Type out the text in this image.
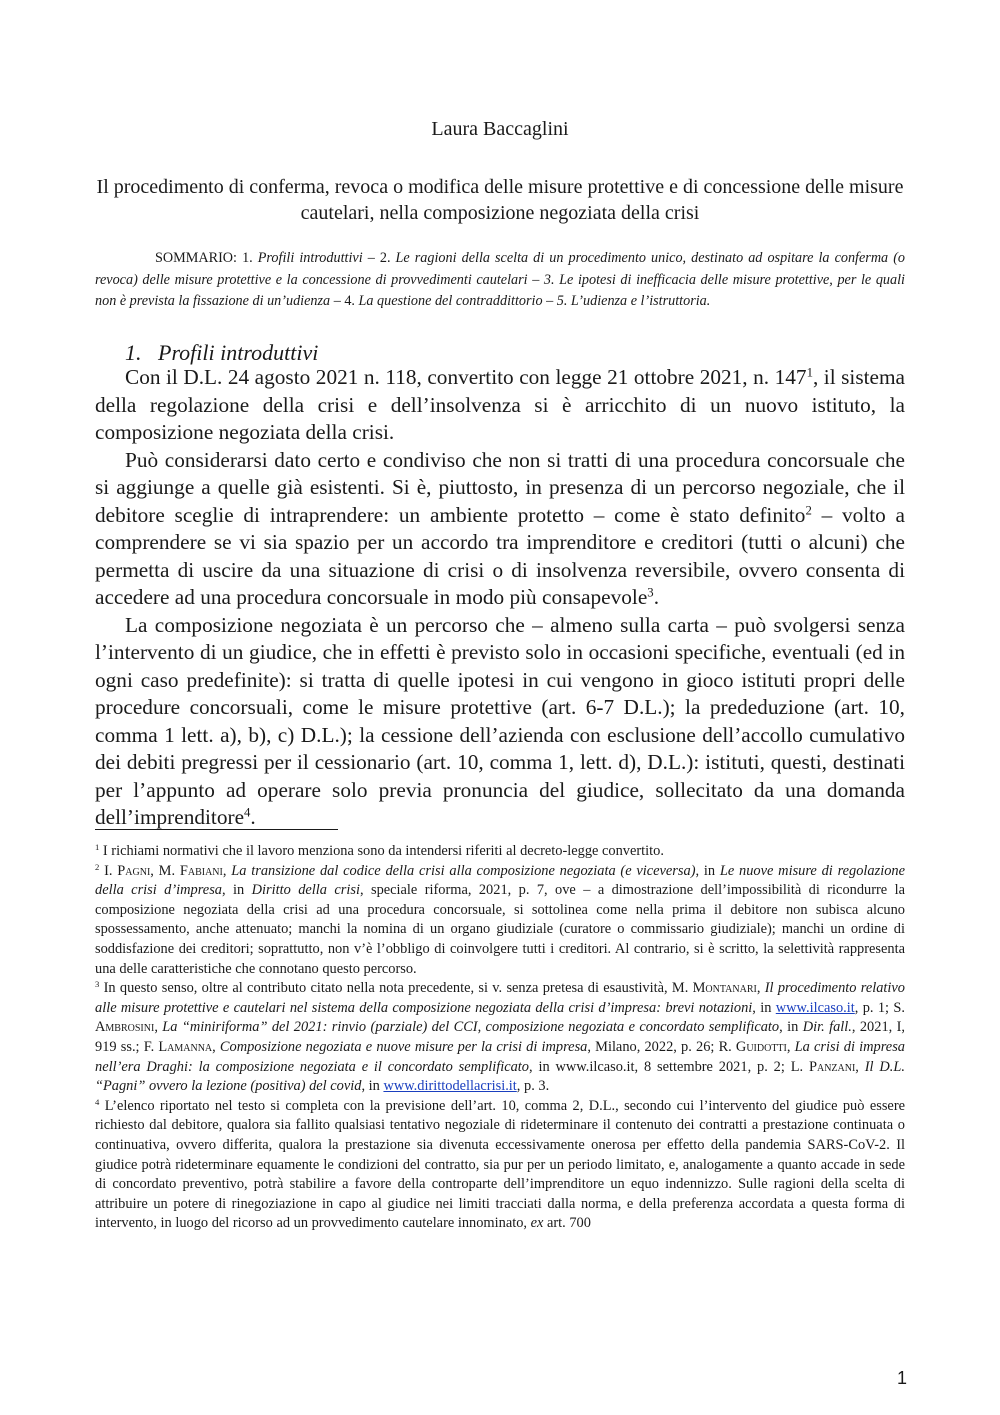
Laura Baccaglini
Il procedimento di conferma, revoca o modifica delle misure protettive e di concessione delle misure cautelari, nella composizione negoziata della crisi
SOMMARIO: 1. Profili introduttivi – 2. Le ragioni della scelta di un procedimento unico, destinato ad ospitare la conferma (o revoca) delle misure protettive e la concessione di provvedimenti cautelari – 3. Le ipotesi di inefficacia delle misure protettive, per le quali non è prevista la fissazione di un’udienza – 4. La questione del contraddittorio – 5. L’udienza e l’istruttoria.
1.   Profili introduttivi

Con il D.L. 24 agosto 2021 n. 118, convertito con legge 21 ottobre 2021, n. $147^1$, il sistema della regolazione della crisi e dell’insolvenza si è arricchito di un nuovo istituto, la composizione negoziata della crisi.

Può considerarsi dato certo e condiviso che non si tratti di una procedura concorsuale che si aggiunge a quelle già esistenti. Si è, piuttosto, in presenza di un percorso negoziale, che il debitore sceglie di intraprendere: un ambiente protetto – come è stato definito$^2$ – volto a comprendere se vi sia spazio per un accordo tra imprenditore e creditori (tutti o alcuni) che permetta di uscire da una situazione di crisi o di insolvenza reversibile, ovvero consenta di accedere ad una procedura concorsuale in modo più consapevole$^3$.

La composizione negoziata è un percorso che – almeno sulla carta – può svolgersi senza l’intervento di un giudice, che in effetti è previsto solo in occasioni specifiche, eventuali (ed in ogni caso predefinite): si tratta di quelle ipotesi in cui vengono in gioco istituti propri delle procedure concorsuali, come le misure protettive (art. 6-7 D.L.); la prededuzione (art. 10, comma 1 lett. a), b), c) D.L.); la cessione dell’azienda con esclusione dell’accollo cumulativo dei debiti pregressi per il cessionario (art. 10, comma 1, lett. d), D.L.): istituti, questi, destinati per l’appunto ad operare solo previa pronuncia del giudice, sollecitato da una domanda dell’imprenditore$^4$.

$^1$ I richiami normativi che il lavoro menziona sono da intendersi riferiti al decreto-legge convertito.

$^2$ I. Pagni, M. Fabiani, La transizione dal codice della crisi alla composizione negoziata (e viceversa), in Le nuove misure di regolazione della crisi d’impresa, in Diritto della crisi, speciale riforma, 2021, p. 7, ove – a dimostrazione dell’impossibilità di ricondurre la composizione negoziata della crisi ad una procedura concorsuale, si sottolinea come nella prima il debitore non subisca alcuno spossessamento, anche attenuato; manchi la nomina di un organo giudiziale (curatore o commissario giudiziale); manchi un ordine di soddisfazione dei creditori; soprattutto, non v’è l’obbligo di coinvolgere tutti i creditori. Al contrario, si è scritto, la selettività rappresenta una delle caratteristiche che connotano questo percorso.

$^3$ In questo senso, oltre al contributo citato nella nota precedente, si v. senza pretesa di esaustività, M. Montanari, Il procedimento relativo alle misure protettive e cautelari nel sistema della composizione negoziata della crisi d’impresa: brevi notazioni, in www.ilcaso.it, p. 1; S. Ambrosini, La “miniriforma” del 2021: rinvio (parziale) del CCI, composizione negoziata e concordato semplificato, in Dir. fall., 2021, I, 919 ss.; F. Lamanna, Composizione negoziata e nuove misure per la crisi di impresa, Milano, 2022, p. 26; R. Guidotti, La crisi di impresa nell’era Draghi: la composizione negoziata e il concordato semplificato, in www.ilcaso.it, 8 settembre 2021, p. 2; L. Panzani, Il D.L. “Pagni” ovvero la lezione (positiva) del covid, in www.dirittodellacrisi.it, p. 3.

$^4$ L’elenco riportato nel testo si completa con la previsione dell’art. 10, comma 2, D.L., secondo cui l’intervento del giudice può essere richiesto dal debitore, qualora sia fallito qualsiasi tentativo negoziale di rideterminare il contenuto dei contratti a prestazione continuata o continuativa, ovvero differita, qualora la prestazione sia divenuta eccessivamente onerosa per effetto della pandemia SARS-CoV-2. Il giudice potrà rideterminare equamente le condizioni del contratto, sia pur per un periodo limitato, e, analogamente a quanto accade in sede di concordato preventivo, potrà stabilire a favore della controparte dell’imprenditore un equo indennizzo. Sulle ragioni della scelta di attribuire un potere di rinegoziazione in capo al giudice nei limiti tracciati dalla norma, e della preferenza accordata a questa forma di intervento, in luogo del ricorso ad un provvedimento cautelare innominato, ex art. 700

1
